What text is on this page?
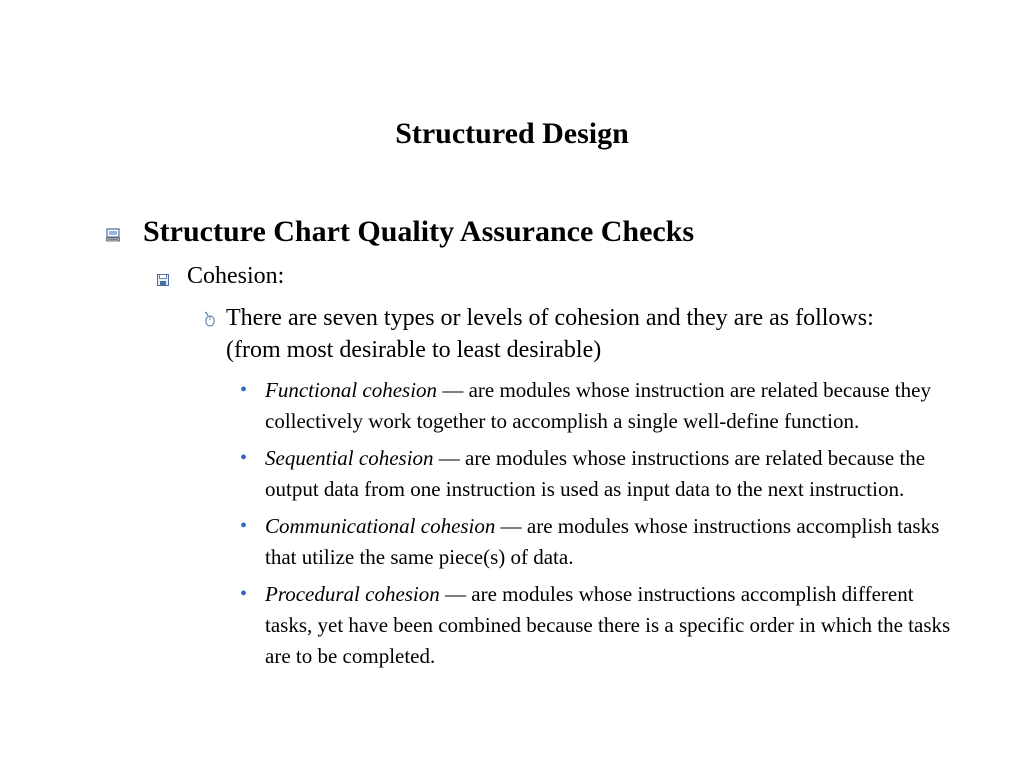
Structured Design
Structure Chart Quality Assurance Checks
Cohesion:
There are seven types or levels of cohesion and they are as follows: (from most desirable to least desirable)
• Functional cohesion — are modules whose instruction are related because they collectively work together to accomplish a single well-define function.
• Sequential cohesion — are modules whose instructions are related because the output data from one instruction is used as input data to the next instruction.
• Communicational cohesion — are modules whose instructions accomplish tasks that utilize the same piece(s) of data.
• Procedural cohesion — are modules whose instructions accomplish different tasks, yet have been combined because there is a specific order in which the tasks are to be completed.
